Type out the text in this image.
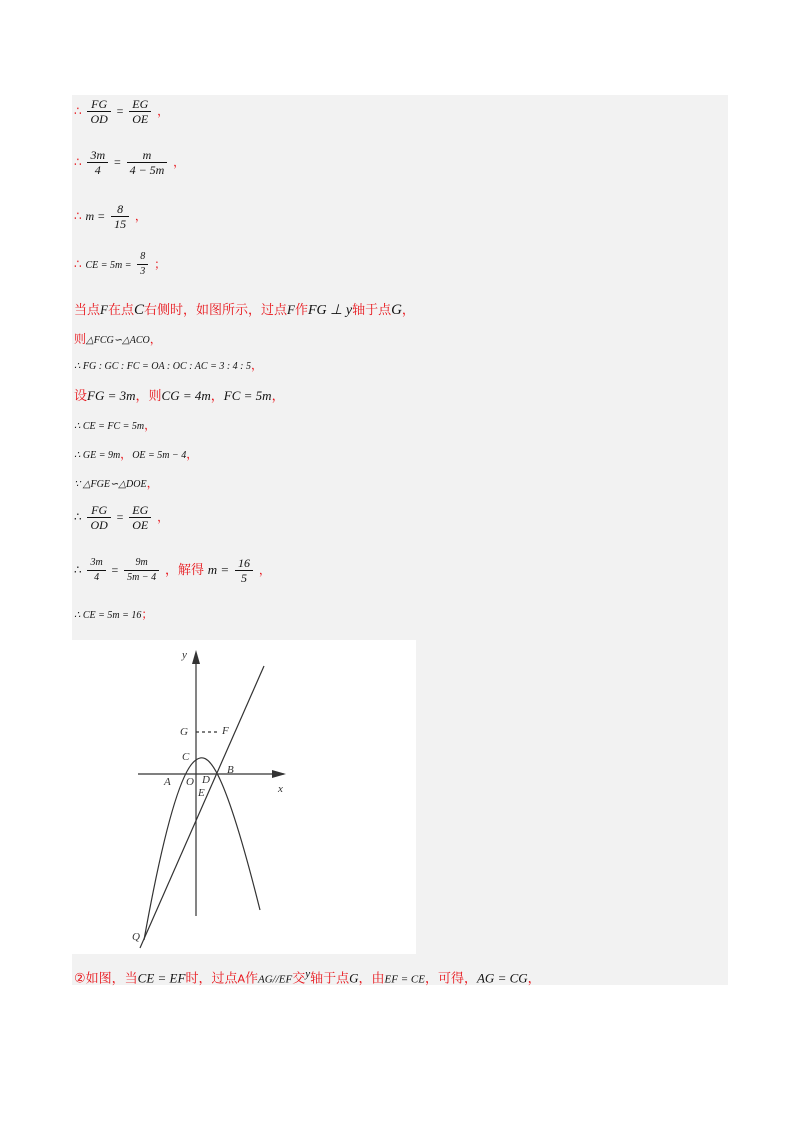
∴ $\frac{FG}{OD} = \frac{EG}{OE}$ ，
∴ $\frac{3m}{4} = \frac{m}{4 - 5m}$ ，
∴ $m = \frac{8}{15}$ ，
∴ CE = $5m = \frac{8}{3}$ ；
当点F在点C右侧时，如图所示，过点F作FG ⊥ y轴于点G，
则△FCG∽△ACO，
∴ FG : GC : FC = OA : OC : AC = 3 : 4 : 5，
设FG = 3m，则CG = 4m，FC = 5m，
∴ CE = FC = 5m，
∴ GE = 9m，OE = 5m − 4，
∵ △FGE∽△DOE，
∴ $\frac{FG}{OD} = \frac{EG}{OE}$ ，
∴ $\frac{3m}{4} = \frac{9m}{5m - 4}$ ，解得 $m = \frac{16}{5}$ ，
∴ CE = 5m = 16；
y
x
G	F
C
A O D
B
E
Q
②如图，当CE = EF时，过点A作AG//EF交$^y$轴于点G，由EF = CE，可得，AG = CG，
